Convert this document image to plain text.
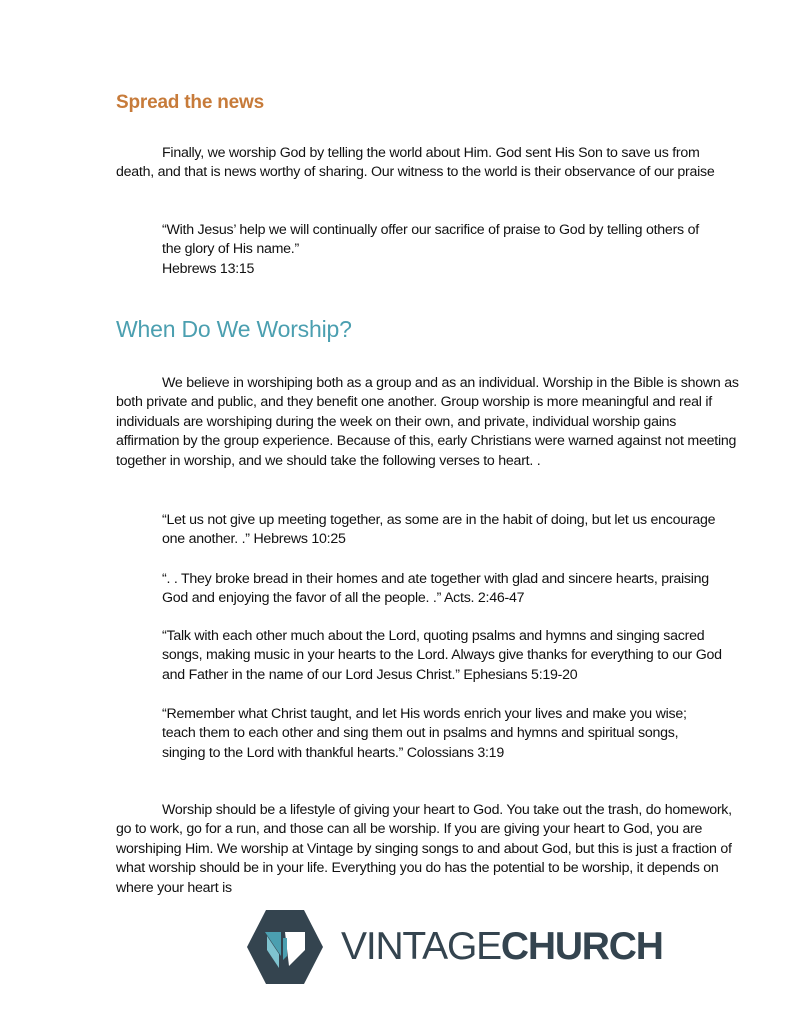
Spread the news

Finally, we worship God by telling the world about Him. God sent His Son to save us from death, and that is news worthy of sharing. Our witness to the world is their observance of our praise

“With Jesus’ help we will continually offer our sacrifice of praise to God by telling others of the glory of His name.”
Hebrews 13:15

When Do We Worship?

We believe in worshiping both as a group and as an individual. Worship in the Bible is shown as both private and public, and they benefit one another. Group worship is more meaningful and real if individuals are worshiping during the week on their own, and private, individual worship gains affirmation by the group experience. Because of this, early Christians were warned against not meeting together in worship, and we should take the following verses to heart. .

“Let us not give up meeting together, as some are in the habit of doing, but let us encourage one another. .” Hebrews 10:25

“. . They broke bread in their homes and ate together with glad and sincere hearts, praising God and enjoying the favor of all the people. .” Acts. 2:46-47

“Talk with each other much about the Lord, quoting psalms and hymns and singing sacred songs, making music in your hearts to the Lord. Always give thanks for everything to our God and Father in the name of our Lord Jesus Christ.” Ephesians 5:19-20

“Remember what Christ taught, and let His words enrich your lives and make you wise; teach them to each other and sing them out in psalms and hymns and spiritual songs, singing to the Lord with thankful hearts.” Colossians 3:19

Worship should be a lifestyle of giving your heart to God. You take out the trash, do homework, go to work, go for a run, and those can all be worship. If you are giving your heart to God, you are worshiping Him. We worship at Vintage by singing songs to and about God, but this is just a fraction of what worship should be in your life. Everything you do has the potential to be worship, it depends on where your heart is

VINTAGECHURCH
